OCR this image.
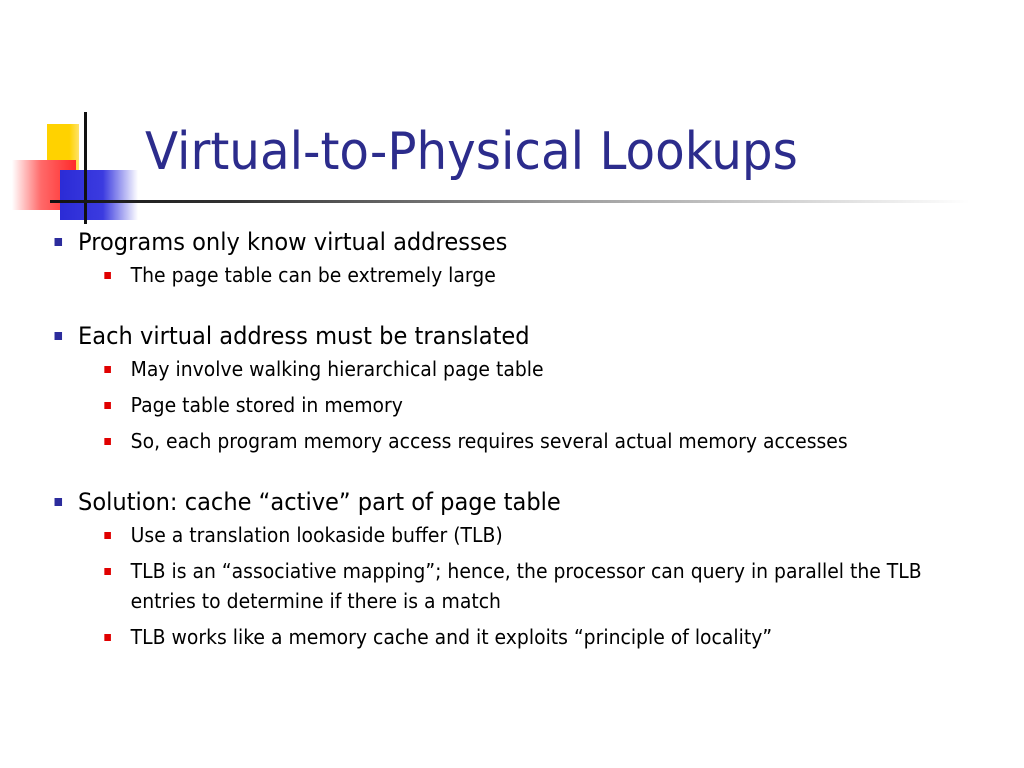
Virtual-to-Physical Lookups
Programs only know virtual addresses
The page table can be extremely large
Each virtual address must be translated
May involve walking hierarchical page table
Page table stored in memory
So, each program memory access requires several actual memory accesses
Solution: cache “active” part of page table
Use a translation lookaside buffer (TLB)
TLB is an “associative mapping”; hence, the processor can query in parallel the TLB entries to determine if there is a match
TLB works like a memory cache and it exploits “principle of locality”
